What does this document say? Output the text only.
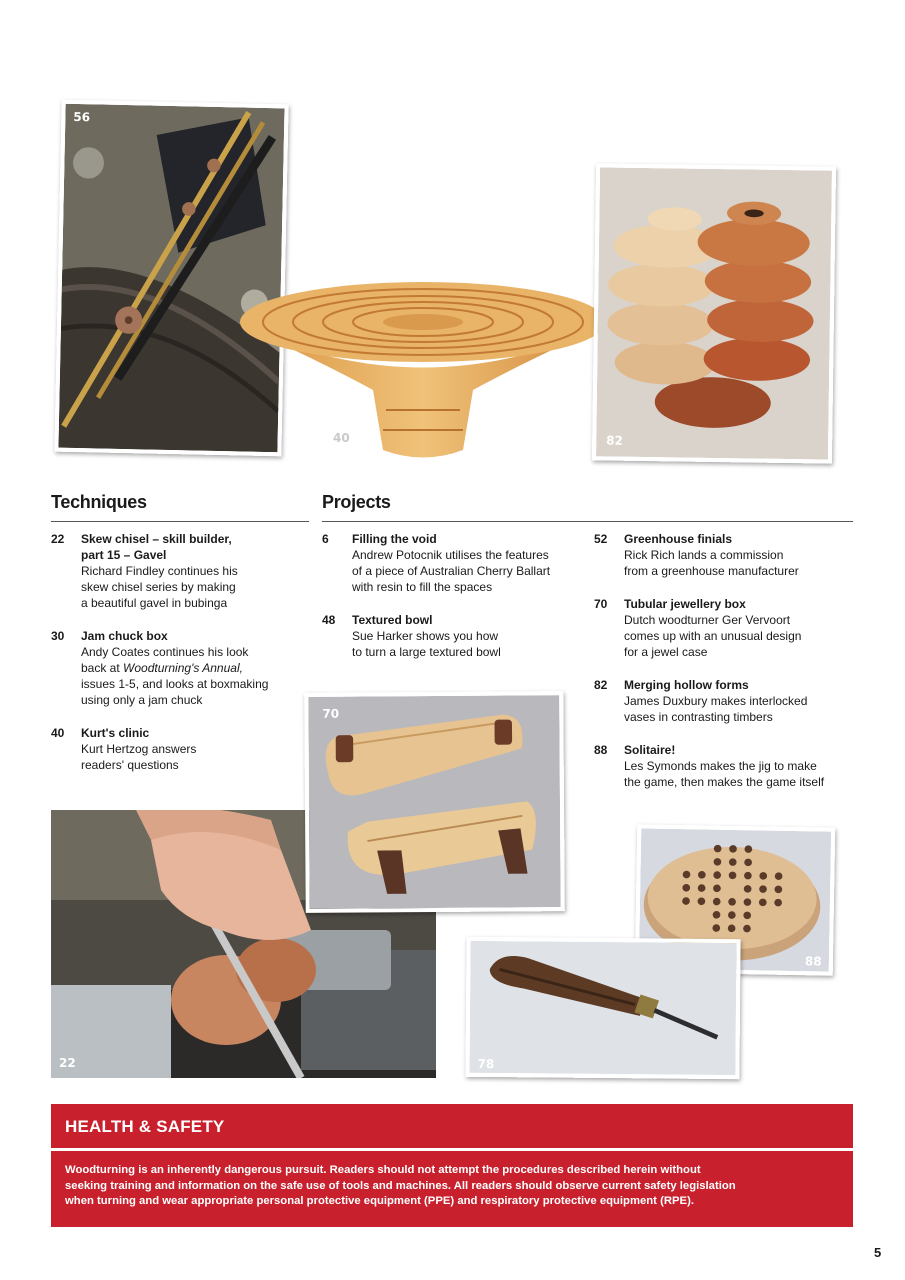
56
40	82
Techniques	Projects
22 Skew chisel – skill builder,
part 15 – Gavel
Richard Findley continues his
skew chisel series by making
a beautiful gavel in bubinga
30 Jam chuck box
Andy Coates continues his look
back at Woodturning's Annual,
issues 1-5, and looks at boxmaking
using only a jam chuck
40 Kurt's clinic
Kurt Hertzog answers
readers' questions
6 Filling the void
Andrew Potocnik utilises the features
of a piece of Australian Cherry Ballart
with resin to fill the spaces
48 Textured bowl
Sue Harker shows you how
to turn a large textured bowl
52 Greenhouse finials
Rick Rich lands a commission
from a greenhouse manufacturer
70 Tubular jewellery box
Dutch woodturner Ger Vervoort
comes up with an unusual design
for a jewel case
82 Merging hollow forms
James Duxbury makes interlocked
vases in contrasting timbers
88 Solitaire!
Les Symonds makes the jig to make
the game, then makes the game itself
22
70
88
78
HEALTH & SAFETY
Woodturning is an inherently dangerous pursuit. Readers should not attempt the procedures described herein without
seeking training and information on the safe use of tools and machines. All readers should observe current safety legislation
when turning and wear appropriate personal protective equipment (PPE) and respiratory protective equipment (RPE).
5
